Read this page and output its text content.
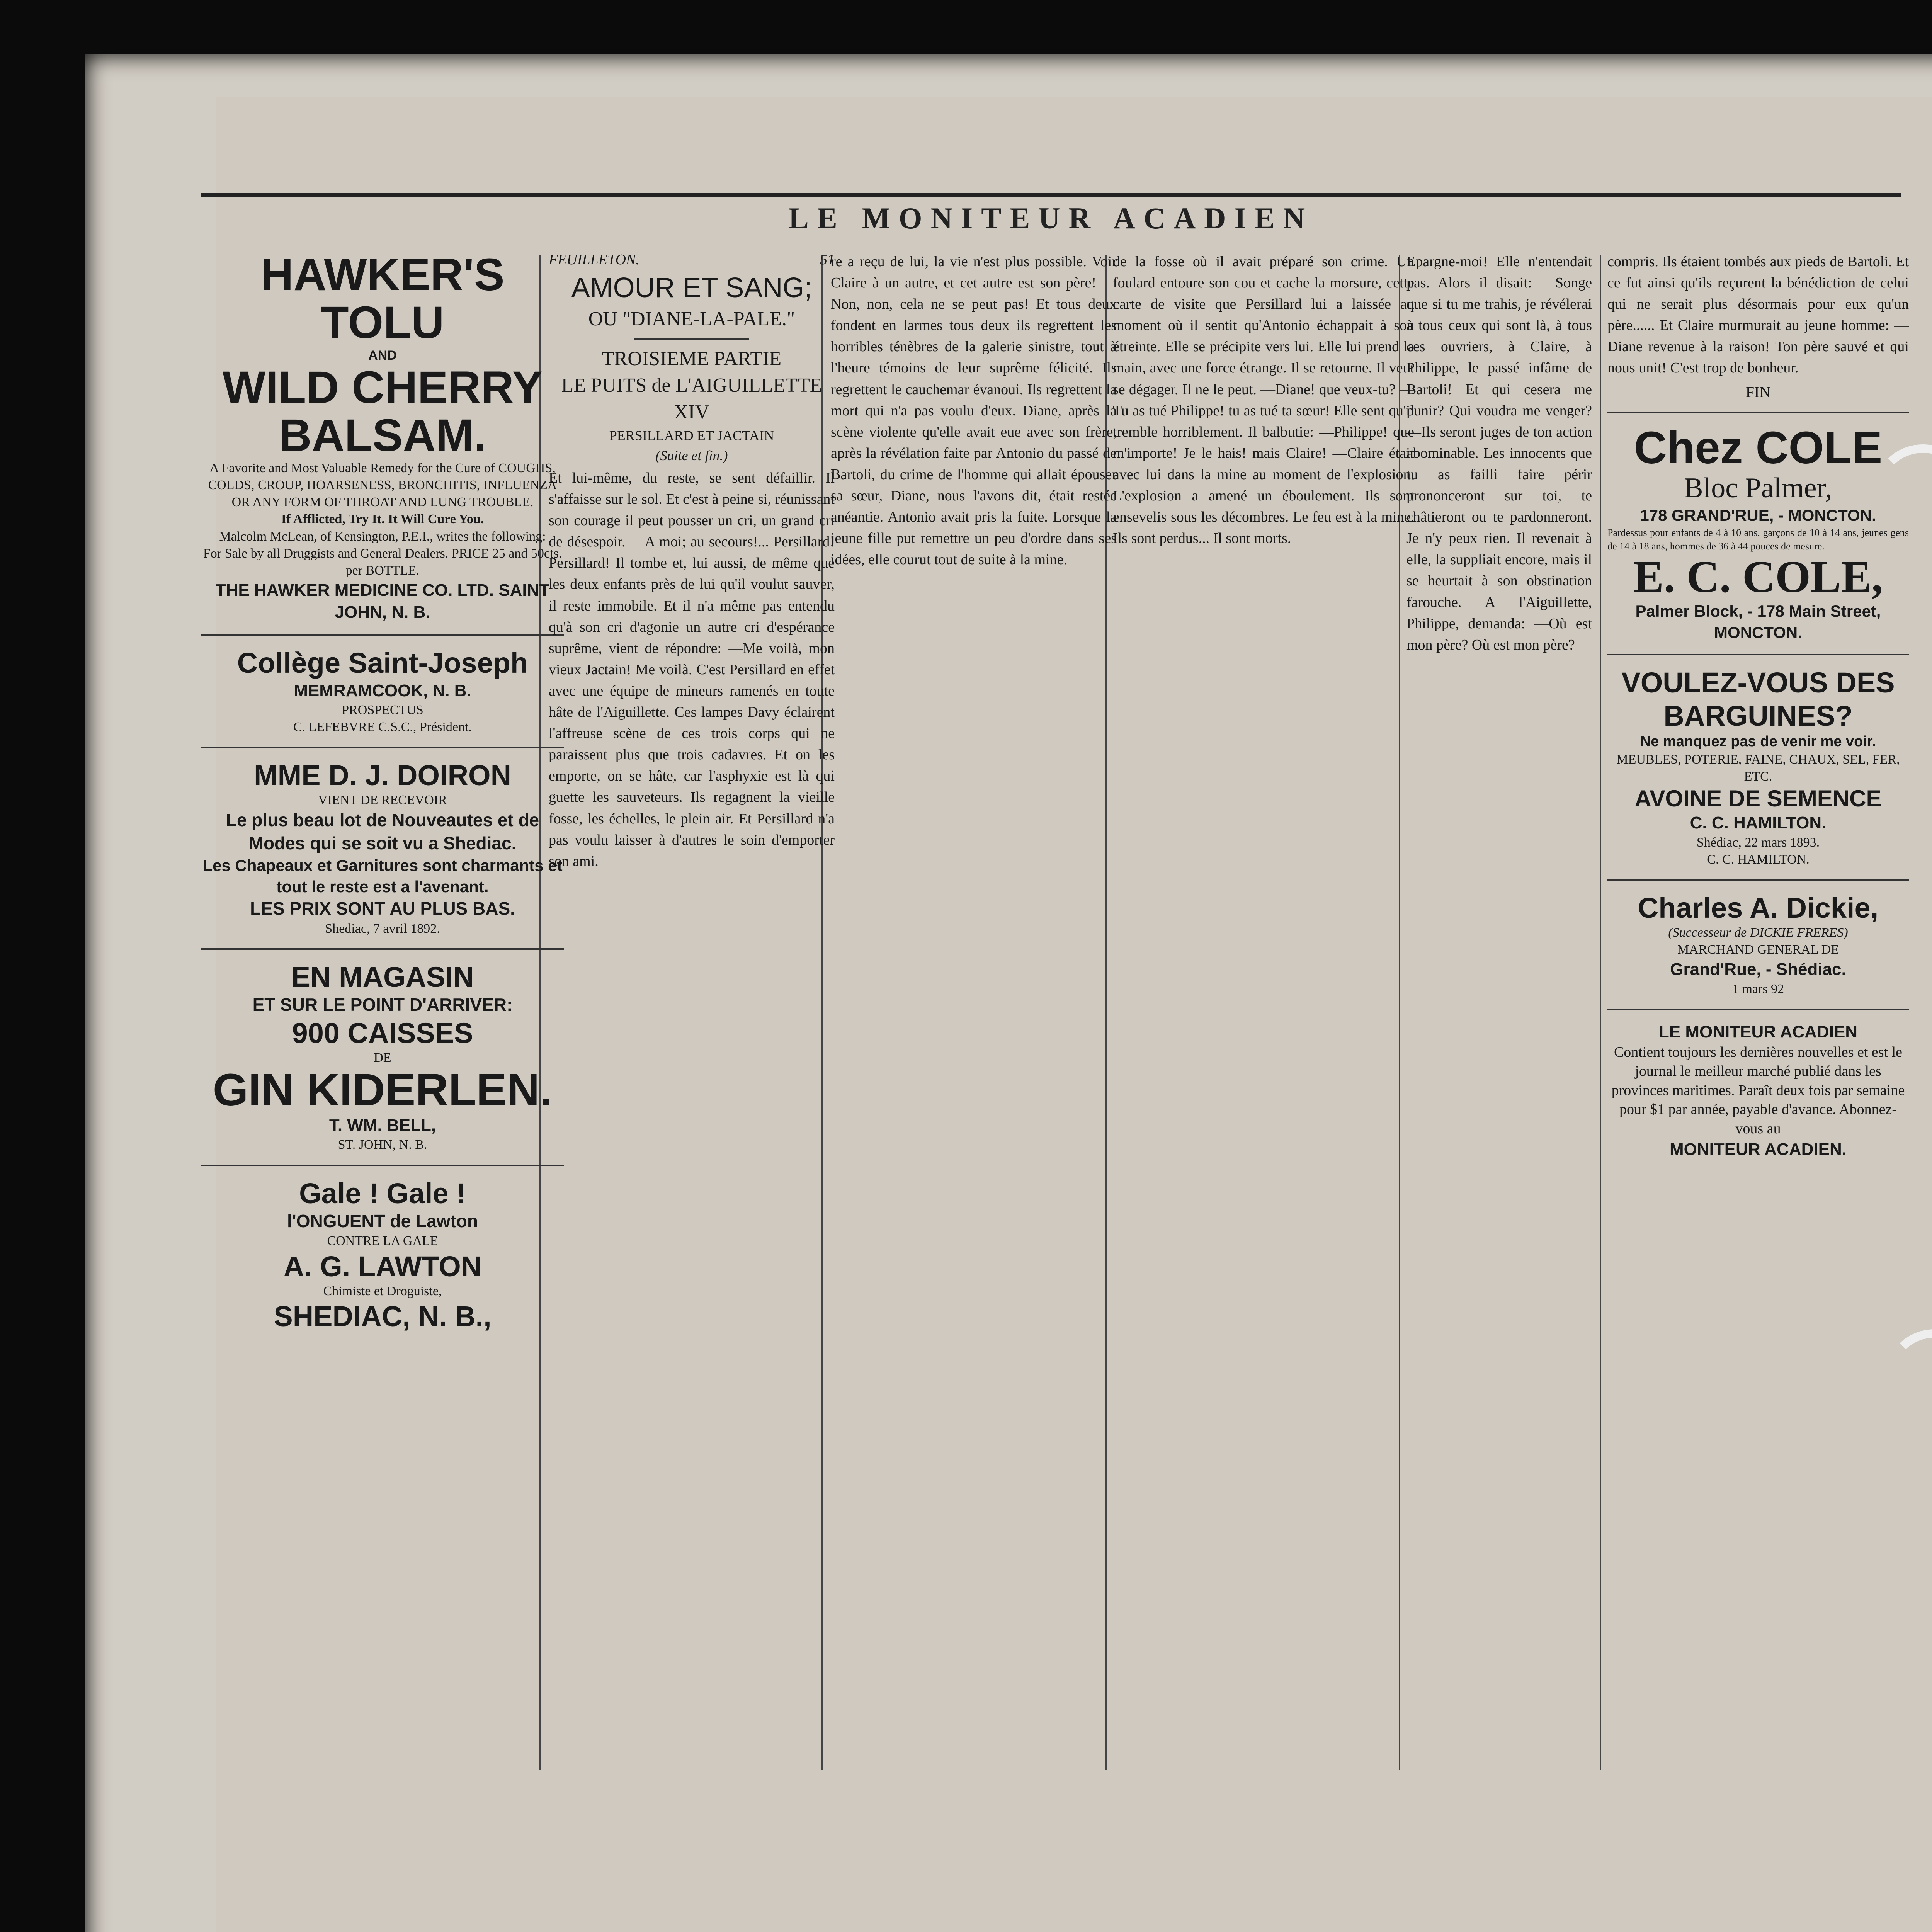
LE MONITEUR ACADIEN
HAWKER'S TOLU
AND
WILD CHERRY BALSAM.
A Favorite and Most Valuable Remedy for the Cure of COUGHS, COLDS, CROUP, HOARSENESS, BRONCHITIS, INFLUENZA OR ANY FORM OF THROAT AND LUNG TROUBLE.
If Afflicted, Try It. It Will Cure You.
Malcolm McLean, of Kensington, P.E.I., writes the following:
For Sale by all Druggists and General Dealers. PRICE 25 and 50cts. per BOTTLE.
THE HAWKER MEDICINE CO. LTD. SAINT JOHN, N. B.
Collège Saint-Joseph
MEMRAMCOOK, N. B.
PROSPECTUS
C. LEFEBVRE C.S.C., Président.
MME D. J. DOIRON
VIENT DE RECEVOIR
Le plus beau lot de Nouveautes et de Modes qui se soit vu a Shediac.
Les Chapeaux et Garnitures sont charmants et tout le reste est a l'avenant.
LES PRIX SONT AU PLUS BAS.
Shediac, 7 avril 1892.
EN MAGASIN
ET SUR LE POINT D'ARRIVER:
900 CAISSES
DE
GIN KIDERLEN.
T. WM. BELL,
ST. JOHN, N. B.
Gale ! Gale !
l'ONGUENT de Lawton
CONTRE LA GALE
A. G. LAWTON
Chimiste et Droguiste,
SHEDIAC, N. B.,
FEUILLETON.	51
AMOUR ET SANG;
OU "DIANE-LA-PALE."
TROISIEME PARTIE
LE PUITS de L'AIGUILLETTE
XIV
PERSILLARD ET JACTAIN
(Suite et fin.)
Et lui-même, du reste, se sent défaillir. Il s'affaisse sur le sol. Et c'est à peine si, réunissant son courage il peut pousser un cri, un grand cri de désespoir. —A moi; au secours!... Persillard! Persillard! Il tombe et, lui aussi, de même que les deux enfants près de lui qu'il voulut sauver, il reste immobile. Et il n'a même pas entendu qu'à son cri d'agonie un autre cri d'espérance suprême, vient de répondre: —Me voilà, mon vieux Jactain! Me voilà. C'est Persillard en effet avec une équipe de mineurs ramenés en toute hâte de l'Aiguillette. Ces lampes Davy éclairent l'affreuse scène de ces trois corps qui ne paraissent plus que trois cadavres. Et on les emporte, on se hâte, car l'asphyxie est là qui guette les sauveteurs. Ils regagnent la vieille fosse, les échelles, le plein air. Et Persillard n'a pas voulu laisser à d'autres le soin d'emporter son ami.
re a reçu de lui, la vie n'est plus possible. Voir Claire à un autre, et cet autre est son père! —Non, non, cela ne se peut pas! Et tous deux fondent en larmes tous deux ils regrettent les horribles ténèbres de la galerie sinistre, tout à l'heure témoins de leur suprême félicité. Ils regrettent le cauchemar évanoui. Ils regrettent la mort qui n'a pas voulu d'eux. Diane, après la scène violente qu'elle avait eue avec son frère, après la révélation faite par Antonio du passé de Bartoli, du crime de l'homme qui allait épouser sa sœur, Diane, nous l'avons dit, était restée anéantie. Antonio avait pris la fuite. Lorsque la jeune fille put remettre un peu d'ordre dans ses idées, elle courut tout de suite à la mine.
de la fosse où il avait préparé son crime. Un foulard entoure son cou et cache la morsure, cette carte de visite que Persillard lui a laissée au moment où il sentit qu'Antonio échappait à son étreinte. Elle se précipite vers lui. Elle lui prend la main, avec une force étrange. Il se retourne. Il veut se dégager. Il ne le peut. —Diane! que veux-tu? —Tu as tué Philippe! tu as tué ta sœur! Elle sent qu'il tremble horriblement. Il balbutie: —Philippe! que m'importe! Je le hais! mais Claire! —Claire était avec lui dans la mine au moment de l'explosion. L'explosion a amené un éboulement. Ils sont ensevelis sous les décombres. Le feu est à la mine. Ils sont perdus... Il sont morts.
Epargne-moi! Elle n'entendait pas. Alors il disait: —Songe que si tu me trahis, je révélerai à tous ceux qui sont là, à tous ces ouvriers, à Claire, à Philippe, le passé infâme de Bartoli! Et qui cesera me punir? Qui voudra me venger? —Ils seront juges de ton action abominable. Les innocents que tu as failli faire périr prononceront sur toi, te châtieront ou te pardonneront. Je n'y peux rien. Il revenait à elle, la suppliait encore, mais il se heurtait à son obstination farouche. A l'Aiguillette, Philippe, demanda: —Où est mon père? Où est mon père?
compris. Ils étaient tombés aux pieds de Bartoli. Et ce fut ainsi qu'ils reçurent la bénédiction de celui qui ne serait plus désormais pour eux qu'un père...... Et Claire murmurait au jeune homme: —Diane revenue à la raison! Ton père sauvé et qui nous unit! C'est trop de bonheur.
FIN
Chez COLE
Bloc Palmer,
178 GRAND'RUE, - MONCTON.
Pardessus pour enfants de 4 à 10 ans, garçons de 10 à 14 ans, jeunes gens de 14 à 18 ans, hommes de 36 à 44 pouces de mesure.
E. C. COLE,
Palmer Block, - 178 Main Street,
MONCTON.
VOULEZ-VOUS DES BARGUINES?
Ne manquez pas de venir me voir.
MEUBLES, POTERIE, FAINE, CHAUX, SEL, FER, ETC.
AVOINE DE SEMENCE
C. C. HAMILTON.
Shédiac, 22 mars 1893.
C. C. HAMILTON.
Charles A. Dickie,
(Successeur de DICKIE FRERES)
MARCHAND GENERAL DE
Grand'Rue, - Shédiac.
1 mars 92
LE MONITEUR ACADIEN
Contient toujours les dernières nouvelles et est le journal le meilleur marché publié dans les provinces maritimes. Paraît deux fois par semaine pour $1 par année, payable d'avance. Abonnez-vous au
MONITEUR ACADIEN.
